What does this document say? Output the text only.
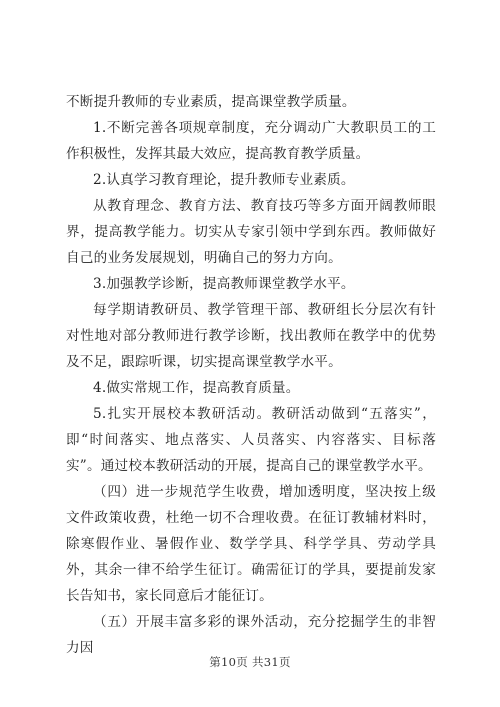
不断提升教师的专业素质，提高课堂教学质量。

1.不断完善各项规章制度，充分调动广大教职员工的工作积极性，发挥其最大效应，提高教育教学质量。

2.认真学习教育理论，提升教师专业素质。

从教育理念、教育方法、教育技巧等多方面开阔教师眼界，提高教学能力。切实从专家引领中学到东西。教师做好自己的业务发展规划，明确自己的努力方向。

3.加强教学诊断，提高教师课堂教学水平。

每学期请教研员、教学管理干部、教研组长分层次有针对性地对部分教师进行教学诊断，找出教师在教学中的优势及不足，跟踪听课，切实提高课堂教学水平。

4.做实常规工作，提高教育质量。

5.扎实开展校本教研活动。教研活动做到“五落实”，即“时间落实、地点落实、人员落实、内容落实、目标落实”。通过校本教研活动的开展，提高自己的课堂教学水平。

（四）进一步规范学生收费，增加透明度，坚决按上级文件政策收费，杜绝一切不合理收费。在征订教辅材料时，除寒假作业、暑假作业、数学学具、科学学具、劳动学具外，其余一律不给学生征订。确需征订的学具，要提前发家长告知书，家长同意后才能征订。

（五）开展丰富多彩的课外活动，充分挖掘学生的非智力因

第10页 共31页
